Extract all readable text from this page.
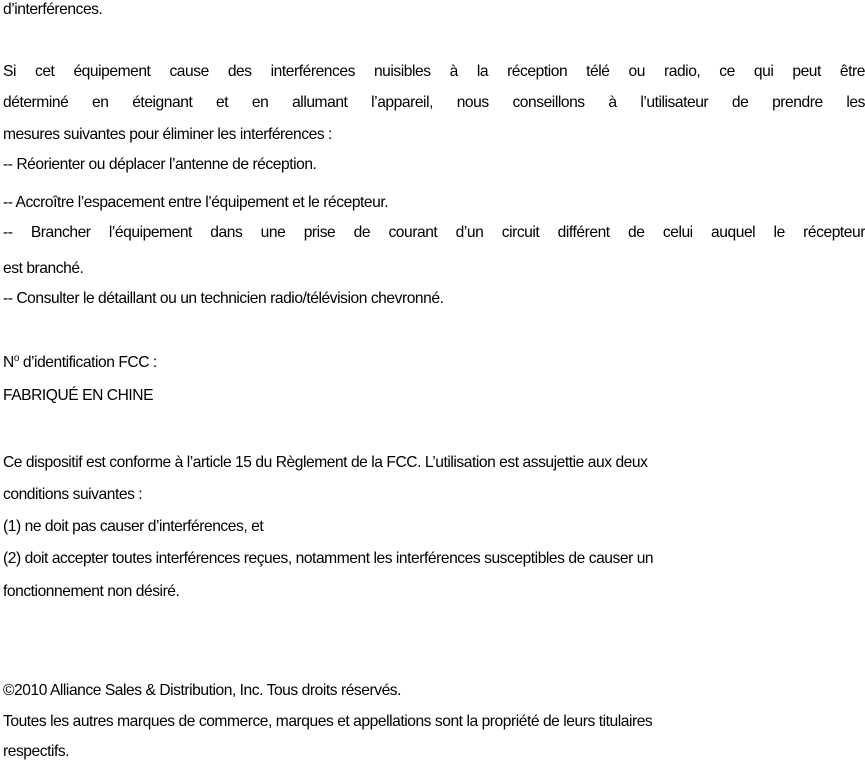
d’interférences.
Si cet équipement cause des interférences nuisibles à la réception télé ou radio, ce qui peut être
déterminé en éteignant et en allumant l’appareil, nous conseillons à l’utilisateur de prendre les
mesures suivantes pour éliminer les interférences :
-- Réorienter ou déplacer l’antenne de réception.
-- Accroître l’espacement entre l’équipement et le récepteur.
-- Brancher l’équipement dans une prise de courant d’un circuit différent de celui auquel le récepteur
est branché.
-- Consulter le détaillant ou un technicien radio/télévision chevronné.
$N^o$ d’identification FCC :
FABRIQUÉ EN CHINE
Ce dispositif est conforme à l’article 15 du Règlement de la FCC. L’utilisation est assujettie aux deux
conditions suivantes :
(1) ne doit pas causer d’interférences, et
(2) doit accepter toutes interférences reçues, notamment les interférences susceptibles de causer un
fonctionnement non désiré.
©2010 Alliance Sales & Distribution, Inc. Tous droits réservés.
Toutes les autres marques de commerce, marques et appellations sont la propriété de leurs titulaires
respectifs.
